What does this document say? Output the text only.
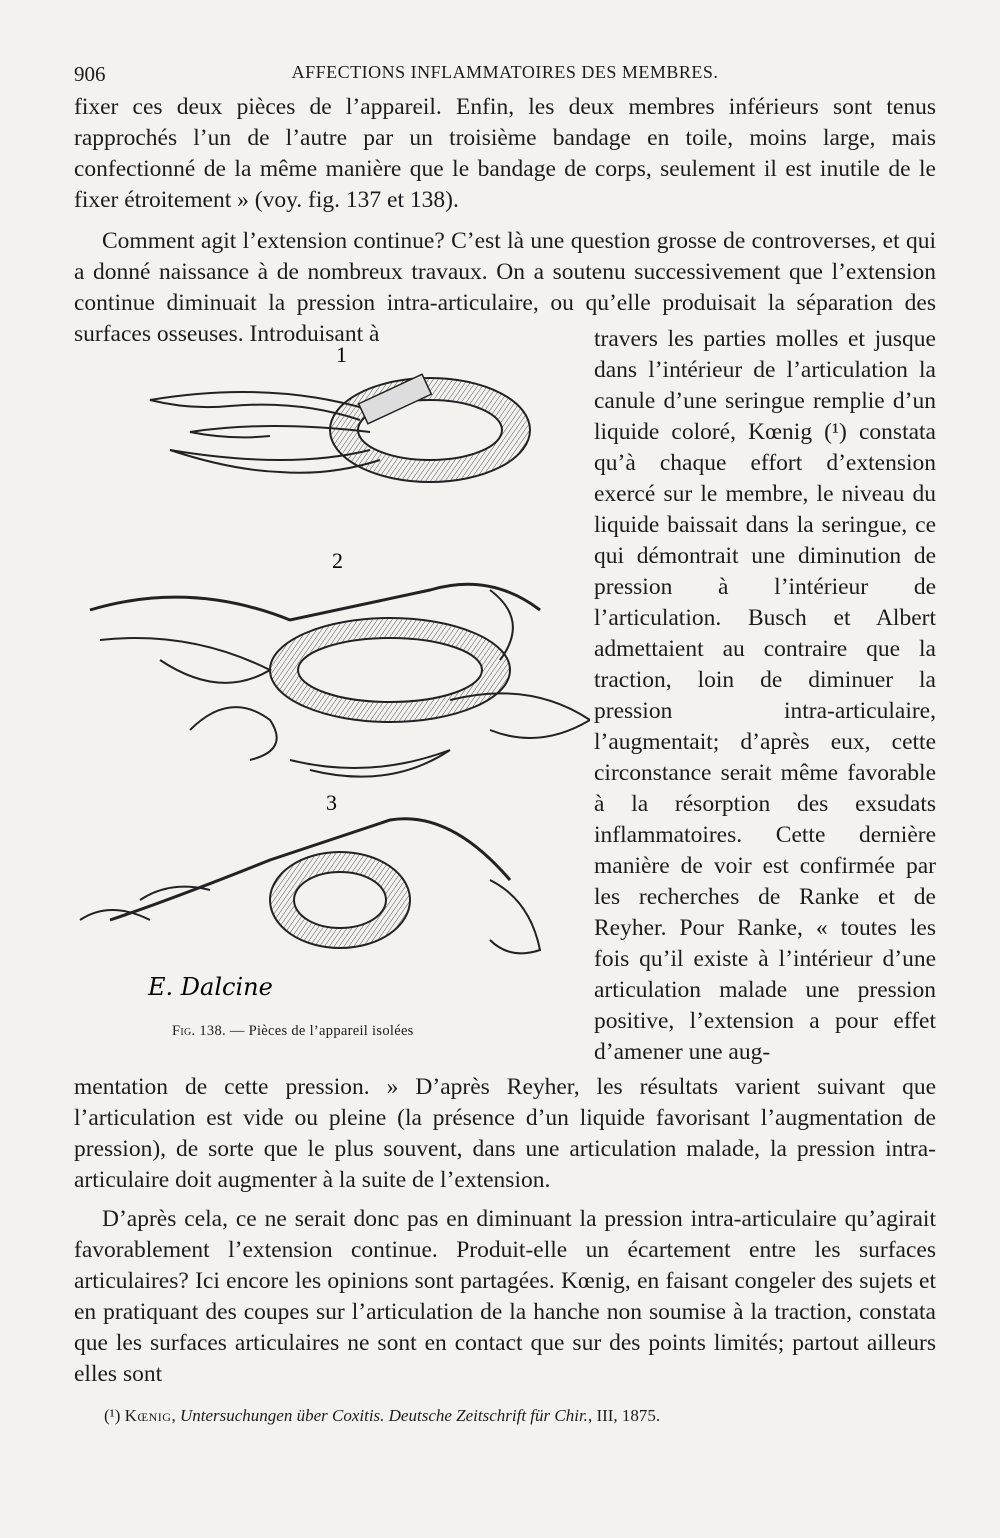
906	AFFECTIONS INFLAMMATOIRES DES MEMBRES.

fixer ces deux pièces de l’appareil. Enfin, les deux membres inférieurs sont tenus rapprochés l’un de l’autre par un troisième bandage en toile, moins large, mais confectionné de la même manière que le bandage de corps, seulement il est inutile de le fixer étroitement » (voy. fig. 137 et 138).

Comment agit l’extension continue? C’est là une question grosse de controverses, et qui a donné naissance à de nombreux travaux. On a soutenu successivement que l’extension continue diminuait la pression intra-articulaire, ou qu’elle produisait la séparation des surfaces osseuses. Introduisant à	travers les parties molles et jusque dans l’intérieur de l’articulation la canule d’une seringue remplie d’un liquide coloré, Kœnig (¹) constata qu’à chaque effort d’extension exercé sur le membre, le niveau du liquide baissait dans la seringue, ce qui démontrait une diminution de pression à l’intérieur de l’articulation. Busch et Albert admettaient au contraire que la traction, loin de diminuer la pression intra-articulaire, l’augmentait; d’après eux, cette circonstance serait même favorable à la résorption des exsudats inflammatoires. Cette dernière manière de voir est confirmée par les recherches de Ranke et de Reyher. Pour Ranke, « toutes les fois qu’il existe à l’intérieur d’une articulation malade une pression positive, l’extension a pour effet d’amener une aug-

1
2
3
E. Dalcine
Fig. 138. — Pièces de l’appareil isolées

mentation de cette pression. » D’après Reyher, les résultats varient suivant que l’articulation est vide ou pleine (la présence d’un liquide favorisant l’augmentation de pression), de sorte que le plus souvent, dans une articulation malade, la pression intra-articulaire doit augmenter à la suite de l’extension.

D’après cela, ce ne serait donc pas en diminuant la pression intra-articulaire qu’agirait favorablement l’extension continue. Produit-elle un écartement entre les surfaces articulaires? Ici encore les opinions sont partagées. Kœnig, en faisant congeler des sujets et en pratiquant des coupes sur l’articulation de la hanche non soumise à la traction, constata que les surfaces articulaires ne sont en contact que sur des points limités; partout ailleurs elles sont

(¹) Kœnig, Untersuchungen über Coxitis. Deutsche Zeitschrift für Chir., III, 1875.
